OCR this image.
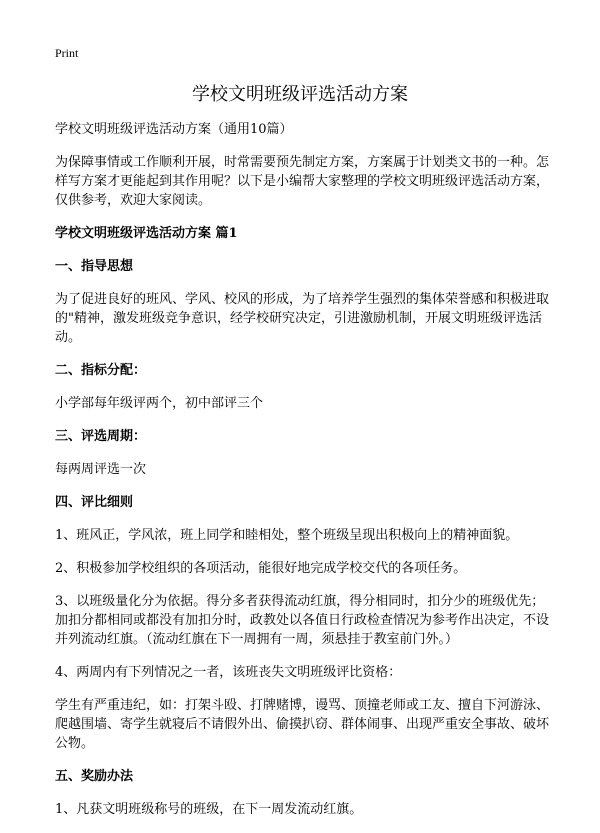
Print
学校文明班级评选活动方案

学校文明班级评选活动方案（通用10篇）

为保障事情或工作顺利开展，时常需要预先制定方案，方案属于计划类文书的一种。怎样写方案才更能起到其作用呢？以下是小编帮大家整理的学校文明班级评选活动方案，仅供参考，欢迎大家阅读。

学校文明班级评选活动方案 篇1

一、指导思想

为了促进良好的班风、学风、校风的形成，为了培养学生强烈的集体荣誉感和积极进取的"精神，激发班级竞争意识，经学校研究决定，引进激励机制，开展文明班级评选活动。

二、指标分配：

小学部每年级评两个，初中部评三个

三、评选周期：

每两周评选一次

四、评比细则

1、班风正，学风浓，班上同学和睦相处，整个班级呈现出积极向上的精神面貌。

2、积极参加学校组织的各项活动，能很好地完成学校交代的各项任务。

3、以班级量化分为依据。得分多者获得流动红旗，得分相同时，扣分少的班级优先；加扣分都相同或都没有加扣分时，政教处以各值日行政检查情况为参考作出决定，不设并列流动红旗。（流动红旗在下一周拥有一周，须悬挂于教室前门外。）

4、两周内有下列情况之一者，该班丧失文明班级评比资格：

学生有严重违纪，如：打架斗殴、打牌赌博，谩骂、顶撞老师或工友、擅自下河游泳、爬越围墙、寄学生就寝后不请假外出、偷摸扒窃、群体闹事、出现严重安全事故、破坏公物。

五、奖励办法

1、凡获文明班级称号的班级，在下一周发流动红旗。
